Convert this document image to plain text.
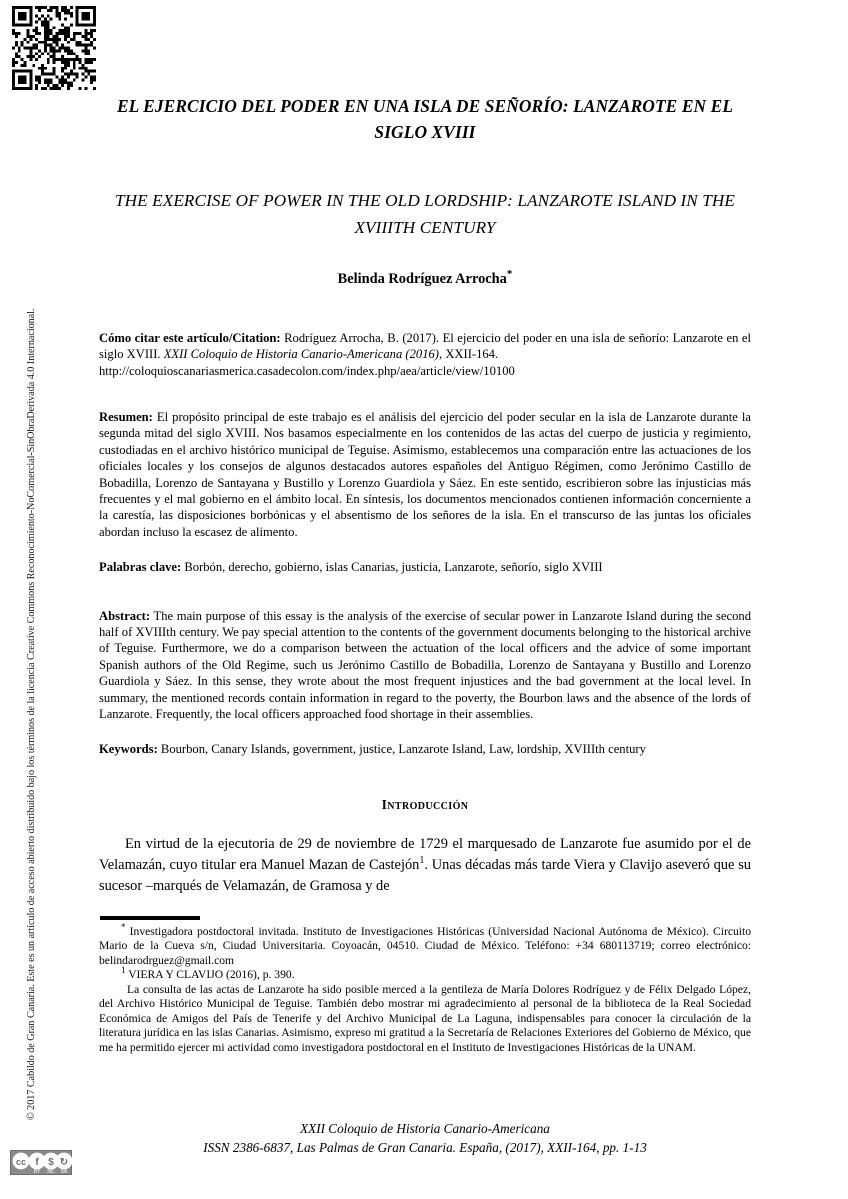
© 2017 Cabildo de Gran Canaria. Este es un artículo de acceso abierto distribuido bajo los términos de la licencia Creative Commons Reconocimiento-NoComercial-SinObraDerivada 4.0 Internacional.
cc f $ ↻
BY NC SA
EL EJERCICIO DEL PODER EN UNA ISLA DE SEÑORÍO: LANZAROTE EN EL SIGLO XVIII
THE EXERCISE OF POWER IN THE OLD LORDSHIP: LANZAROTE ISLAND IN THE XVIIITH CENTURY

Belinda Rodríguez Arrocha*

Cómo citar este artículo/Citation: Rodríguez Arrocha, B. (2017). El ejercicio del poder en una isla de señorío: Lanzarote en el siglo XVIII. XXII Coloquio de Historia Canario-Americana (2016), XXII-164.
http://coloquioscanariasmerica.casadecolon.com/index.php/aea/article/view/10100

Resumen: El propósito principal de este trabajo es el análisis del ejercicio del poder secular en la isla de Lanzarote durante la segunda mitad del siglo XVIII. Nos basamos especialmente en los contenidos de las actas del cuerpo de justicia y regimiento, custodiadas en el archivo histórico municipal de Teguise. Asimismo, establecemos una comparación entre las actuaciones de los oficiales locales y los consejos de algunos destacados autores españoles del Antiguo Régimen, como Jerónimo Castillo de Bobadilla, Lorenzo de Santayana y Bustillo y Lorenzo Guardiola y Sáez. En este sentido, escribieron sobre las injusticias más frecuentes y el mal gobierno en el ámbito local. En síntesis, los documentos mencionados contienen información concerniente a la carestía, las disposiciones borbónicas y el absentismo de los señores de la isla. En el transcurso de las juntas los oficiales abordan incluso la escasez de alimento.

Palabras clave: Borbón, derecho, gobierno, islas Canarias, justicia, Lanzarote, señorío, siglo XVIII

Abstract: The main purpose of this essay is the analysis of the exercise of secular power in Lanzarote Island during the second half of XVIIIth century. We pay special attention to the contents of the government documents belonging to the historical archive of Teguise. Furthermore, we do a comparison between the actuation of the local officers and the advice of some important Spanish authors of the Old Regime, such us Jerónimo Castillo de Bobadilla, Lorenzo de Santayana y Bustillo and Lorenzo Guardiola y Sáez. In this sense, they wrote about the most frequent injustices and the bad government at the local level. In summary, the mentioned records contain information in regard to the poverty, the Bourbon laws and the absence of the lords of Lanzarote. Frequently, the local officers approached food shortage in their assemblies.

Keywords: Bourbon, Canary Islands, government, justice, Lanzarote Island, Law, lordship, XVIIIth century

Introducción

En virtud de la ejecutoria de 29 de noviembre de 1729 el marquesado de Lanzarote fue asumido por el de Velamazán, cuyo titular era Manuel Mazan de Castejón$^1$. Unas décadas más tarde Viera y Clavijo aseveró que su sucesor –marqués de Velamazán, de Gramosa y de

* Investigadora postdoctoral invitada. Instituto de Investigaciones Históricas (Universidad Nacional Autónoma de México). Circuito Mario de la Cueva s/n, Ciudad Universitaria. Coyoacán, 04510. Ciudad de México. Teléfono: +34 680113719; correo electrónico: belindarodrguez@gmail.com

$^1$ VIERA Y CLAVIJO (2016), p. 390.

La consulta de las actas de Lanzarote ha sido posible merced a la gentileza de María Dolores Rodríguez y de Félix Delgado López, del Archivo Histórico Municipal de Teguise. También debo mostrar mi agradecimiento al personal de la biblioteca de la Real Sociedad Económica de Amigos del País de Tenerife y del Archivo Municipal de La Laguna, indispensables para conocer la circulación de la literatura jurídica en las islas Canarias. Asimismo, expreso mi gratitud a la Secretaría de Relaciones Exteriores del Gobierno de México, que me ha permitido ejercer mi actividad como investigadora postdoctoral en el Instituto de Investigaciones Históricas de la UNAM.

XXII Coloquio de Historia Canario-Americana
ISSN 2386-6837, Las Palmas de Gran Canaria. España, (2017), XXII-164, pp. 1-13
